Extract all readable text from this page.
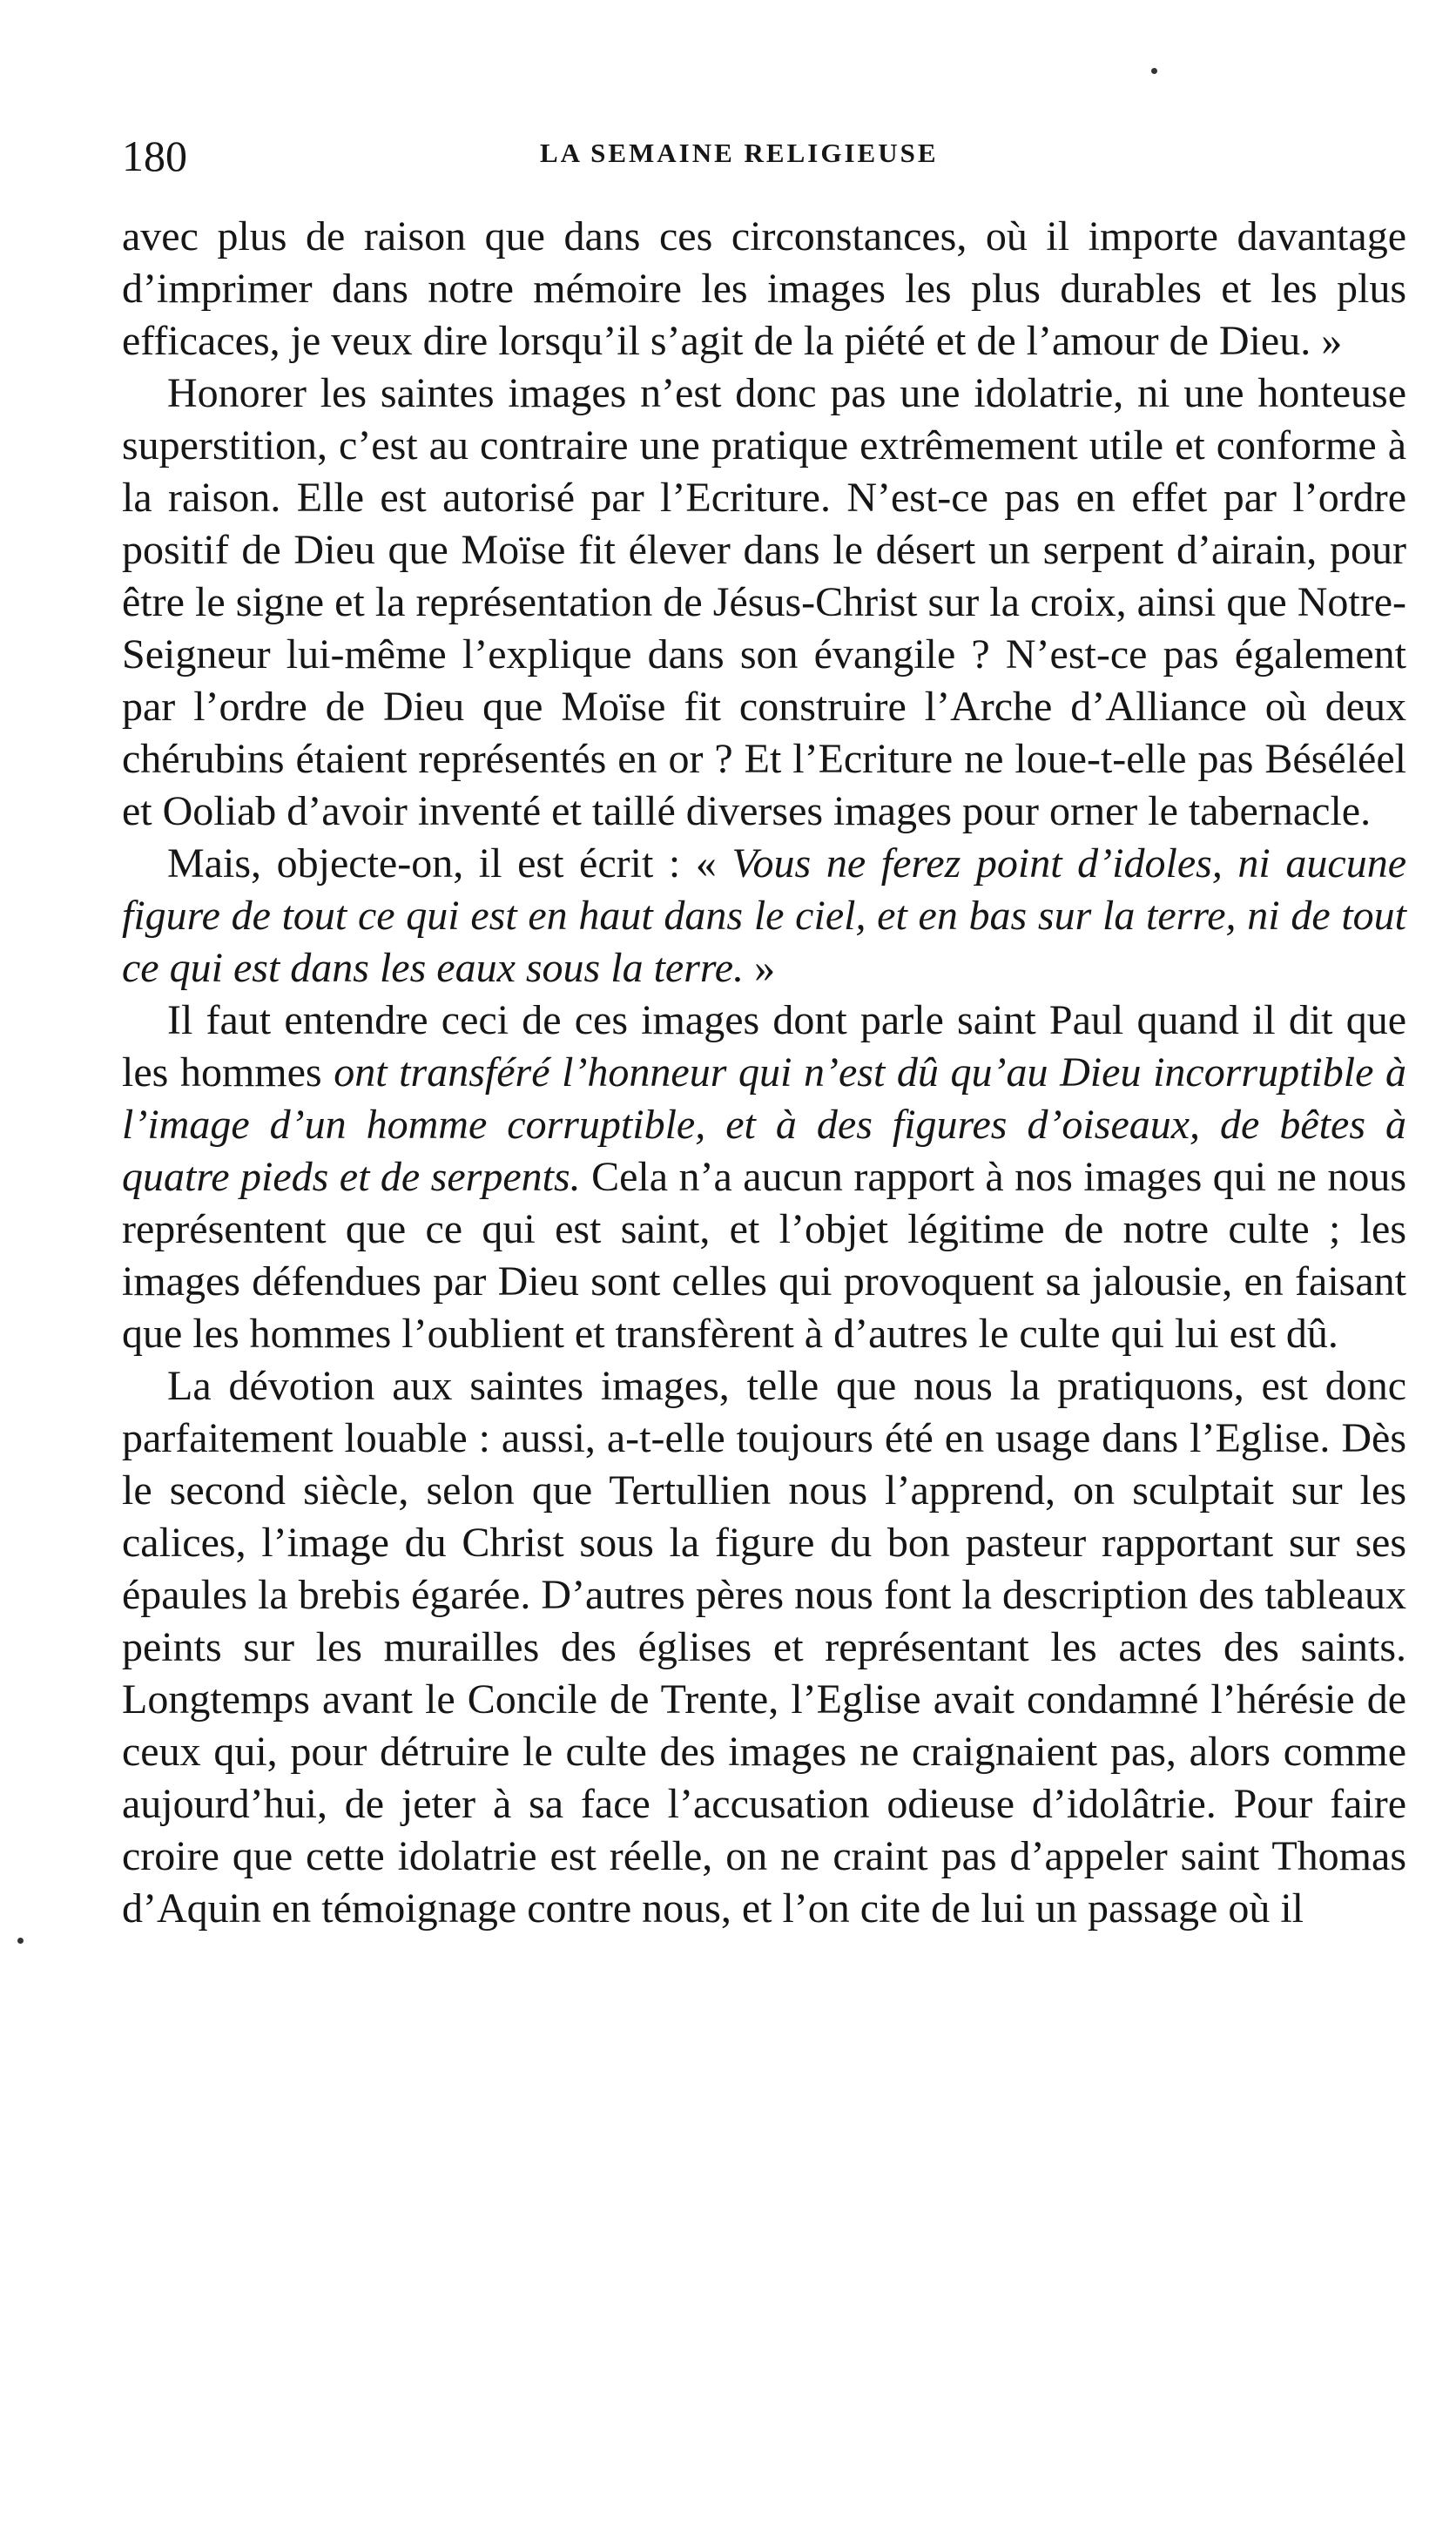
180	LA SEMAINE RELIGIEUSE

avec plus de raison que dans ces circonstances, où il importe davantage d’imprimer dans notre mémoire les images les plus durables et les plus efficaces, je veux dire lorsqu’il s’agit de la piété et de l’amour de Dieu. »

Honorer les saintes images n’est donc pas une idolatrie, ni une honteuse superstition, c’est au contraire une pratique extrêmement utile et conforme à la raison. Elle est autorisé par l’Ecriture. N’est-ce pas en effet par l’ordre positif de Dieu que Moïse fit élever dans le désert un serpent d’airain, pour être le signe et la représentation de Jésus-Christ sur la croix, ainsi que Notre-Seigneur lui-même l’explique dans son évangile ? N’est-ce pas également par l’ordre de Dieu que Moïse fit construire l’Arche d’Alliance où deux chérubins étaient représentés en or ? Et l’Ecriture ne loue-t-elle pas Béséléel et Ooliab d’avoir inventé et taillé diverses images pour orner le tabernacle.

Mais, objecte-on, il est écrit : « Vous ne ferez point d’idoles, ni aucune figure de tout ce qui est en haut dans le ciel, et en bas sur la terre, ni de tout ce qui est dans les eaux sous la terre. »

Il faut entendre ceci de ces images dont parle saint Paul quand il dit que les hommes ont transféré l’honneur qui n’est dû qu’au Dieu incorruptible à l’image d’un homme corruptible, et à des figures d’oiseaux, de bêtes à quatre pieds et de serpents. Cela n’a aucun rapport à nos images qui ne nous représentent que ce qui est saint, et l’objet légitime de notre culte ; les images défendues par Dieu sont celles qui provoquent sa jalousie, en faisant que les hommes l’oublient et transfèrent à d’autres le culte qui lui est dû.

La dévotion aux saintes images, telle que nous la pratiquons, est donc parfaitement louable : aussi, a-t-elle toujours été en usage dans l’Eglise. Dès le second siècle, selon que Tertullien nous l’apprend, on sculptait sur les calices, l’image du Christ sous la figure du bon pasteur rapportant sur ses épaules la brebis égarée. D’autres pères nous font la description des tableaux peints sur les murailles des églises et représentant les actes des saints. Longtemps avant le Concile de Trente, l’Eglise avait condamné l’hérésie de ceux qui, pour détruire le culte des images ne craignaient pas, alors comme aujourd’hui, de jeter à sa face l’accusation odieuse d’idolâtrie. Pour faire croire que cette idolatrie est réelle, on ne craint pas d’appeler saint Thomas d’Aquin en témoignage contre nous, et l’on cite de lui un passage où il
